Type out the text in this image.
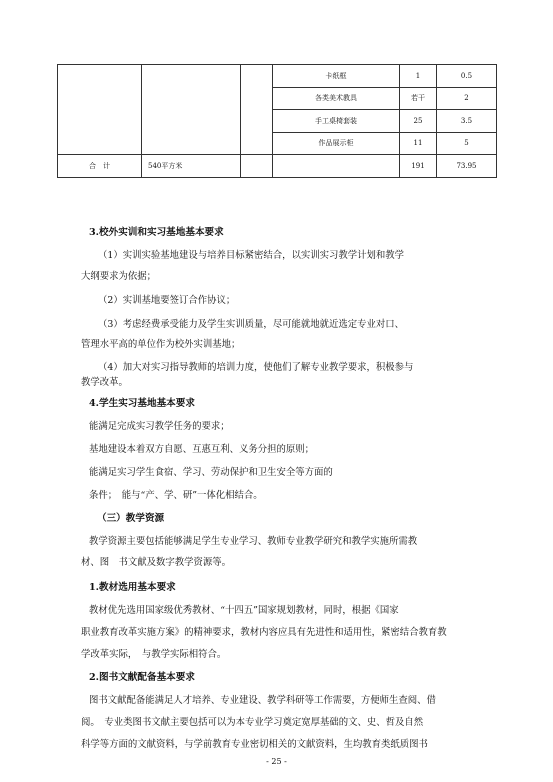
			卡纸框	1	0.5
			各类美术教具	若干	2
			手工桌椅套装	25	3.5
			作品展示柜	11	5
合　计	540平方米			191	73.95
3.校外实训和实习基地基本要求
（1）实训实验基地建设与培养目标紧密结合，以实训实习教学计划和教学
大纲要求为依据；
（2）实训基地要签订合作协议；
（3）考虑经费承受能力及学生实训质量，尽可能就地就近选定专业对口、
管理水平高的单位作为校外实训基地；
（4）加大对实习指导教师的培训力度，使他们了解专业教学要求，积极参与
教学改革。
4.学生实习基地基本要求
能满足完成实习教学任务的要求；
基地建设本着双方自愿、互惠互利、义务分担的原则；
能满足实习学生食宿、学习、劳动保护和卫生安全等方面的
条件；　能与“产、学、研”一体化相结合。
（三）教学资源
教学资源主要包括能够满足学生专业学习、教师专业教学研究和教学实施所需教
材、图　书文献及数字教学资源等。
1.教材选用基本要求
教材优先选用国家级优秀教材、“十四五”国家规划教材，同时，根据《国家
职业教育改革实施方案》的精神要求，教材内容应具有先进性和适用性，紧密结合教育教
学改革实际，　与教学实际相符合。
2.图书文献配备基本要求
图书文献配备能满足人才培养、专业建设、教学科研等工作需要，方便师生查阅、借
阅。　专业类图书文献主要包括可以为本专业学习奠定宽厚基础的文、史、哲及自然
科学等方面的文献资料，与学前教育专业密切相关的文献资料，生均教育类纸质图书
- 25 -
